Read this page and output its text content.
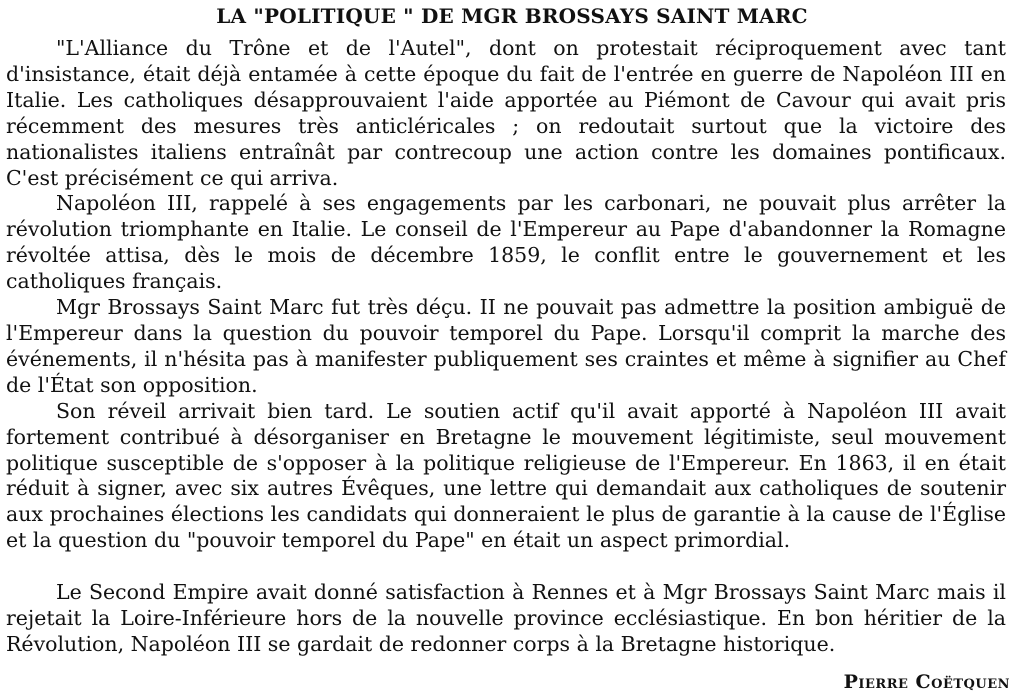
LA "POLITIQUE " DE MGR BROSSAYS SAINT MARC

"L'Alliance du Trône et de l'Autel", dont on protestait réciproquement avec tant d'insistance, était déjà entamée à cette époque du fait de l'entrée en guerre de Napoléon III en Italie. Les catholiques désapprouvaient l'aide apportée au Piémont de Cavour qui avait pris récemment des mesures très anticléricales ; on redoutait surtout que la victoire des nationalistes italiens entraînât par contrecoup une action contre les domaines pontificaux. C'est précisément ce qui arriva.

Napoléon III, rappelé à ses engagements par les carbonari, ne pouvait plus arrêter la révolution triomphante en Italie. Le conseil de l'Empereur au Pape d'abandonner la Romagne révoltée attisa, dès le mois de décembre 1859, le conflit entre le gouvernement et les catholiques français.

Mgr Brossays Saint Marc fut très déçu. II ne pouvait pas admettre la position ambiguë de l'Empereur dans la question du pouvoir temporel du Pape. Lorsqu'il comprit la marche des événements, il n'hésita pas à manifester publiquement ses craintes et même à signifier au Chef de l'État son opposition.

Son réveil arrivait bien tard. Le soutien actif qu'il avait apporté à Napoléon III avait fortement contribué à désorganiser en Bretagne le mouvement légitimiste, seul mouvement politique susceptible de s'opposer à la politique religieuse de l'Empereur. En 1863, il en était réduit à signer, avec six autres Évêques, une lettre qui demandait aux catholiques de soutenir aux prochaines élections les candidats qui donneraient le plus de garantie à la cause de l'Église et la question du "pouvoir temporel du Pape" en était un aspect primordial.

Le Second Empire avait donné satisfaction à Rennes et à Mgr Brossays Saint Marc mais il rejetait la Loire-Inférieure hors de la nouvelle province ecclésiastique. En bon héritier de la Révolution, Napoléon III se gardait de redonner corps à la Bretagne historique.

Pierre Coëtquen
